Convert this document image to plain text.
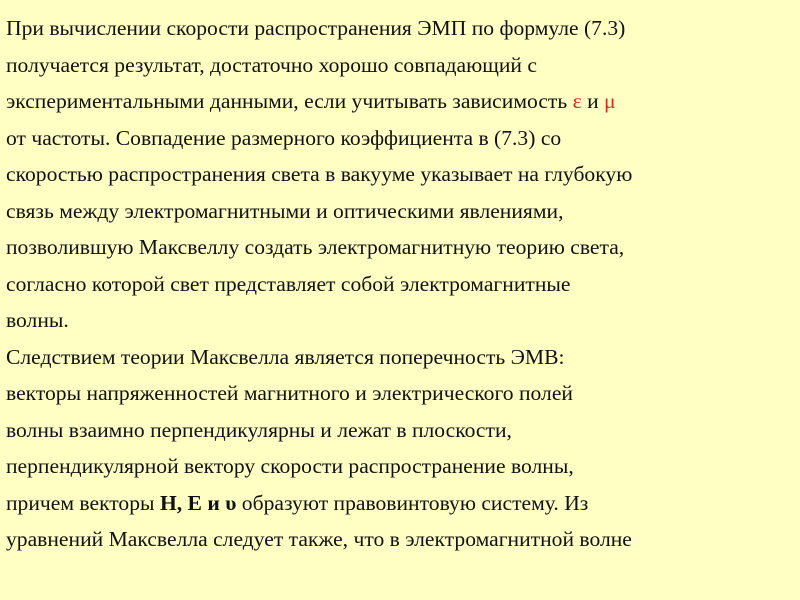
При вычислении скорости распространения ЭМП по формуле (7.3)
получается результат, достаточно хорошо совпадающий с
экспериментальными данными, если учитывать зависимость ε и μ
от частоты. Совпадение размерного коэффициента в (7.3) со
скоростью распространения света в вакууме указывает на глубокую
связь между электромагнитными и оптическими явлениями,
позволившую Максвеллу создать электромагнитную теорию света,
согласно которой свет представляет собой электромагнитные
волны.
Следствием теории Максвелла является поперечность ЭМВ:
векторы напряженностей магнитного и электрического полей
волны взаимно перпендикулярны и лежат в плоскости,
перпендикулярной вектору скорости распространение волны,
причем векторы Н, Е и υ образуют правовинтовую систему. Из
уравнений Максвелла следует также, что в электромагнитной волне
